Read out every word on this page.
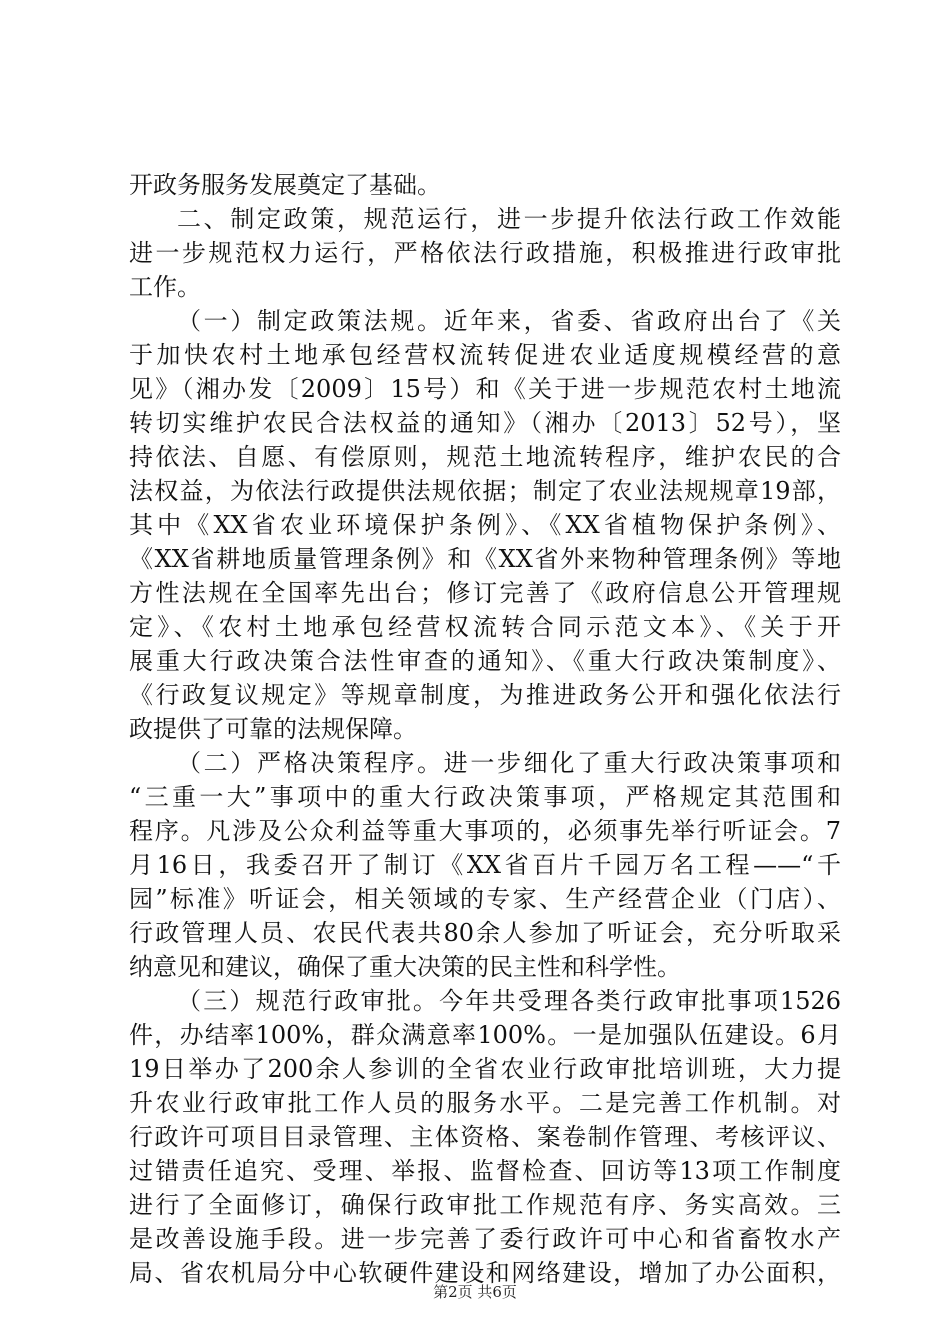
开政务服务发展奠定了基础。
二、制定政策，规范运行，进一步提升依法行政工作效能
进一步规范权力运行，严格依法行政措施，积极推进行政审批
工作。
（一）制定政策法规。近年来，省委、省政府出台了《关
于加快农村土地承包经营权流转促进农业适度规模经营的意
见》（湘办发〔2009〕15号）和《关于进一步规范农村土地流
转切实维护农民合法权益的通知》（湘办〔2013〕52号），坚
持依法、自愿、有偿原则，规范土地流转程序，维护农民的合
法权益，为依法行政提供法规依据；制定了农业法规规章19部，
其中《XX省农业环境保护条例》、《XX省植物保护条例》、
《XX省耕地质量管理条例》和《XX省外来物种管理条例》等地
方性法规在全国率先出台；修订完善了《政府信息公开管理规
定》、《农村土地承包经营权流转合同示范文本》、《关于开
展重大行政决策合法性审查的通知》、《重大行政决策制度》、
《行政复议规定》等规章制度，为推进政务公开和强化依法行
政提供了可靠的法规保障。
（二）严格决策程序。进一步细化了重大行政决策事项和
“三重一大”事项中的重大行政决策事项，严格规定其范围和
程序。凡涉及公众利益等重大事项的，必须事先举行听证会。7
月16日，我委召开了制订《XX省百片千园万名工程——“千
园”标准》听证会，相关领域的专家、生产经营企业（门店）、
行政管理人员、农民代表共80余人参加了听证会，充分听取采
纳意见和建议，确保了重大决策的民主性和科学性。
（三）规范行政审批。今年共受理各类行政审批事项1526
件，办结率100%，群众满意率100%。一是加强队伍建设。6月
19日举办了200余人参训的全省农业行政审批培训班，大力提
升农业行政审批工作人员的服务水平。二是完善工作机制。对
行政许可项目目录管理、主体资格、案卷制作管理、考核评议、
过错责任追究、受理、举报、监督检查、回访等13项工作制度
进行了全面修订，确保行政审批工作规范有序、务实高效。三
是改善设施手段。进一步完善了委行政许可中心和省畜牧水产
局、省农机局分中心软硬件建设和网络建设，增加了办公面积，
第2页 共6页
